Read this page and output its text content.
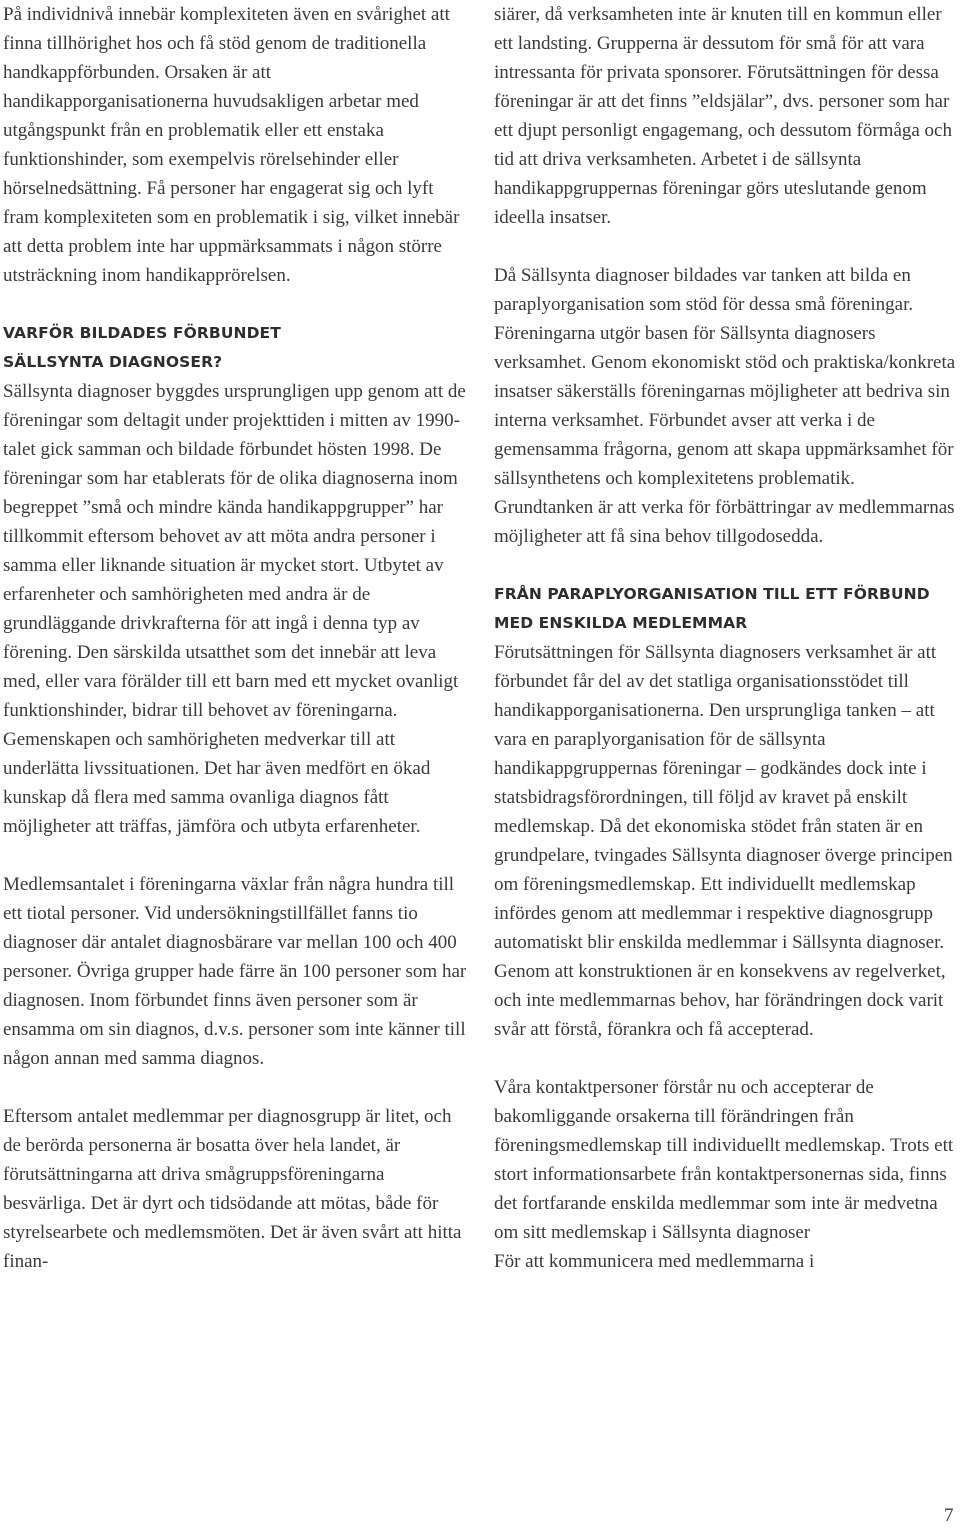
På individnivå innebär komplexiteten även en svårighet att finna tillhörighet hos och få stöd genom de traditionella handkappförbunden. Orsaken är att handikapporganisationerna huvudsakligen arbetar med utgångspunkt från en problematik eller ett enstaka funktionshinder, som exempelvis rörelsehinder eller hörselnedsättning. Få personer har engagerat sig och lyft fram komplexiteten som en problematik i sig, vilket innebär att detta problem inte har uppmärksammats i någon större utsträckning inom handikapprörelsen.

VARFÖR BILDADES FÖRBUNDET
SÄLLSYNTA DIAGNOSER?

Sällsynta diagnoser byggdes ursprungligen upp genom att de föreningar som deltagit under projekttiden i mitten av 1990-talet gick samman och bildade förbundet hösten 1998. De föreningar som har etablerats för de olika diagnoserna inom begreppet ”små och mindre kända handikappgrupper” har tillkommit eftersom behovet av att möta andra personer i samma eller liknande situation är mycket stort. Utbytet av erfarenheter och samhörigheten med andra är de grundläggande drivkrafterna för att ingå i denna typ av förening. Den särskilda utsatthet som det innebär att leva med, eller vara förälder till ett barn med ett mycket ovanligt funktionshinder, bidrar till behovet av föreningarna. Gemenskapen och samhörigheten medverkar till att underlätta livssituationen. Det har även medfört en ökad kunskap då flera med samma ovanliga diagnos fått möjligheter att träffas, jämföra och utbyta erfarenheter.

Medlemsantalet i föreningarna växlar från några hundra till ett tiotal personer. Vid undersökningstillfället fanns tio diagnoser där antalet diagnosbärare var mellan 100 och 400 personer. Övriga grupper hade färre än 100 personer som har diagnosen. Inom förbundet finns även personer som är ensamma om sin diagnos, d.v.s. personer som inte känner till någon annan med samma diagnos.

Eftersom antalet medlemmar per diagnosgrupp är litet, och de berörda personerna är bosatta över hela landet, är förutsättningarna att driva smågruppsföreningarna besvärliga. Det är dyrt och tidsödande att mötas, både för styrelsearbete och medlemsmöten. Det är även svårt att hitta finan-

siärer, då verksamheten inte är knuten till en kommun eller ett landsting. Grupperna är dessutom för små för att vara intressanta för privata sponsorer. Förutsättningen för dessa föreningar är att det finns ”eldsjälar”, dvs. personer som har ett djupt personligt engagemang, och dessutom förmåga och tid att driva verksamheten. Arbetet i de sällsynta handikappgruppernas föreningar görs uteslutande genom ideella insatser.

Då Sällsynta diagnoser bildades var tanken att bilda en paraplyorganisation som stöd för dessa små föreningar. Föreningarna utgör basen för Sällsynta diagnosers verksamhet. Genom ekonomiskt stöd och praktiska/konkreta insatser säkerställs föreningarnas möjligheter att bedriva sin interna verksamhet. Förbundet avser att verka i de gemensamma frågorna, genom att skapa uppmärksamhet för sällsynthetens och komplexitetens problematik. Grundtanken är att verka för förbättringar av medlemmarnas möjligheter att få sina behov tillgodosedda.

FRÅN PARAPLYORGANISATION TILL ETT FÖRBUND
MED ENSKILDA MEDLEMMAR

Förutsättningen för Sällsynta diagnosers verksamhet är att förbundet får del av det statliga organisationsstödet till handikapporganisationerna. Den ursprungliga tanken – att vara en paraplyorganisation för de sällsynta handikappgruppernas föreningar – godkändes dock inte i statsbidragsförordningen, till följd av kravet på enskilt medlemskap. Då det ekonomiska stödet från staten är en grundpelare, tvingades Sällsynta diagnoser överge principen om föreningsmedlemskap. Ett individuellt medlemskap infördes genom att medlemmar i respektive diagnosgrupp automatiskt blir enskilda medlemmar i Sällsynta diagnoser. Genom att konstruktionen är en konsekvens av regelverket, och inte medlemmarnas behov, har förändringen dock varit svår att förstå, förankra och få accepterad.

Våra kontaktpersoner förstår nu och accepterar de bakomliggande orsakerna till förändringen från föreningsmedlemskap till individuellt medlemskap. Trots ett stort informationsarbete från kontaktpersonernas sida, finns det fortfarande enskilda medlemmar som inte är medvetna om sitt medlemskap i Sällsynta diagnoser

För att kommunicera med medlemmarna i

7
